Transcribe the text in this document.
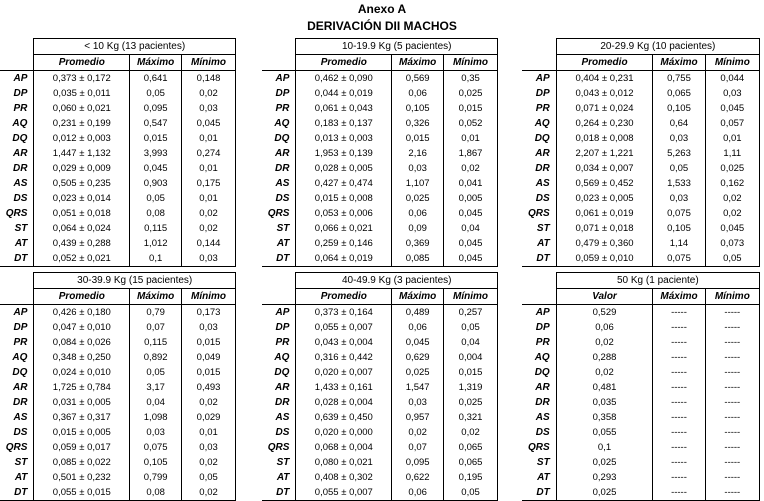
Anexo A
DERIVACIÓN DII MACHOS
	< 10 Kg (13 pacientes)		
	Promedio	Máximo	Mínimo
AP	0,373 ± 0,172	0,641	0,148
DP	0,035 ± 0,011	0,05	0,02
PR	0,060 ± 0,021	0,095	0,03
AQ	0,231 ± 0,199	0,547	0,045
DQ	0,012 ± 0,003	0,015	0,01
AR	1,447 ± 1,132	3,993	0,274
DR	0,029 ± 0,009	0,045	0,01
AS	0,505 ± 0,235	0,903	0,175
DS	0,023 ± 0,014	0,05	0,01
QRS	0,051 ± 0,018	0,08	0,02
ST	0,064 ± 0,024	0,115	0,02
AT	0,439 ± 0,288	1,012	0,144
DT	0,052 ± 0,021	0,1	0,03
	10-19.9 Kg (5 pacientes)		
	Promedio	Máximo	Mínimo
AP	0,462 ± 0,090	0,569	0,35
DP	0,044 ± 0,019	0,06	0,025
PR	0,061 ± 0,043	0,105	0,015
AQ	0,183 ± 0,137	0,326	0,052
DQ	0,013 ± 0,003	0,015	0,01
AR	1,953 ± 0,139	2,16	1,867
DR	0,028 ± 0,005	0,03	0,02
AS	0,427 ± 0,474	1,107	0,041
DS	0,015 ± 0,008	0,025	0,005
QRS	0,053 ± 0,006	0,06	0,045
ST	0,066 ± 0,021	0,09	0,04
AT	0,259 ± 0,146	0,369	0,045
DT	0,064 ± 0,019	0,085	0,045
	20-29.9 Kg (10 pacientes)		
	Promedio	Máximo	Mínimo
AP	0,404 ± 0,231	0,755	0,044
DP	0,043 ± 0,012	0,065	0,03
PR	0,071 ± 0,024	0,105	0,045
AQ	0,264 ± 0,230	0,64	0,057
DQ	0,018 ± 0,008	0,03	0,01
AR	2,207 ± 1,221	5,263	1,11
DR	0,034 ± 0,007	0,05	0,025
AS	0,569 ± 0,452	1,533	0,162
DS	0,023 ± 0,005	0,03	0,02
QRS	0,061 ± 0,019	0,075	0,02
ST	0,071 ± 0,018	0,105	0,045
AT	0,479 ± 0,360	1,14	0,073
DT	0,059 ± 0,010	0,075	0,05
	30-39.9 Kg (15 pacientes)		
	Promedio	Máximo	Mínimo
AP	0,426 ± 0,180	0,79	0,173
DP	0,047 ± 0,010	0,07	0,03
PR	0,084 ± 0,026	0,115	0,015
AQ	0,348 ± 0,250	0,892	0,049
DQ	0,024 ± 0,010	0,05	0,015
AR	1,725 ± 0,784	3,17	0,493
DR	0,031 ± 0,005	0,04	0,02
AS	0,367 ± 0,317	1,098	0,029
DS	0,015 ± 0,005	0,03	0,01
QRS	0,059 ± 0,017	0,075	0,03
ST	0,085 ± 0,022	0,105	0,02
AT	0,501 ± 0,232	0,799	0,05
DT	0,055 ± 0,015	0,08	0,02
	40-49.9 Kg (3 pacientes)		
	Promedio	Máximo	Mínimo
AP	0,373 ± 0,164	0,489	0,257
DP	0,055 ± 0,007	0,06	0,05
PR	0,043 ± 0,004	0,045	0,04
AQ	0,316 ± 0,442	0,629	0,004
DQ	0,020 ± 0,007	0,025	0,015
AR	1,433 ± 0,161	1,547	1,319
DR	0,028 ± 0,004	0,03	0,025
AS	0,639 ± 0,450	0,957	0,321
DS	0,020 ± 0,000	0,02	0,02
QRS	0,068 ± 0,004	0,07	0,065
ST	0,080 ± 0,021	0,095	0,065
AT	0,408 ± 0,302	0,622	0,195
DT	0,055 ± 0,007	0,06	0,05
	50 Kg (1 paciente)		
	Valor	Máximo	Mínimo
AP	0,529	-----	-----
DP	0,06	-----	-----
PR	0,02	-----	-----
AQ	0,288	-----	-----
DQ	0,02	-----	-----
AR	0,481	-----	-----
DR	0,035	-----	-----
AS	0,358	-----	-----
DS	0,055	-----	-----
QRS	0,1	-----	-----
ST	0,025	-----	-----
AT	0,293	-----	-----
DT	0,025	-----	-----
